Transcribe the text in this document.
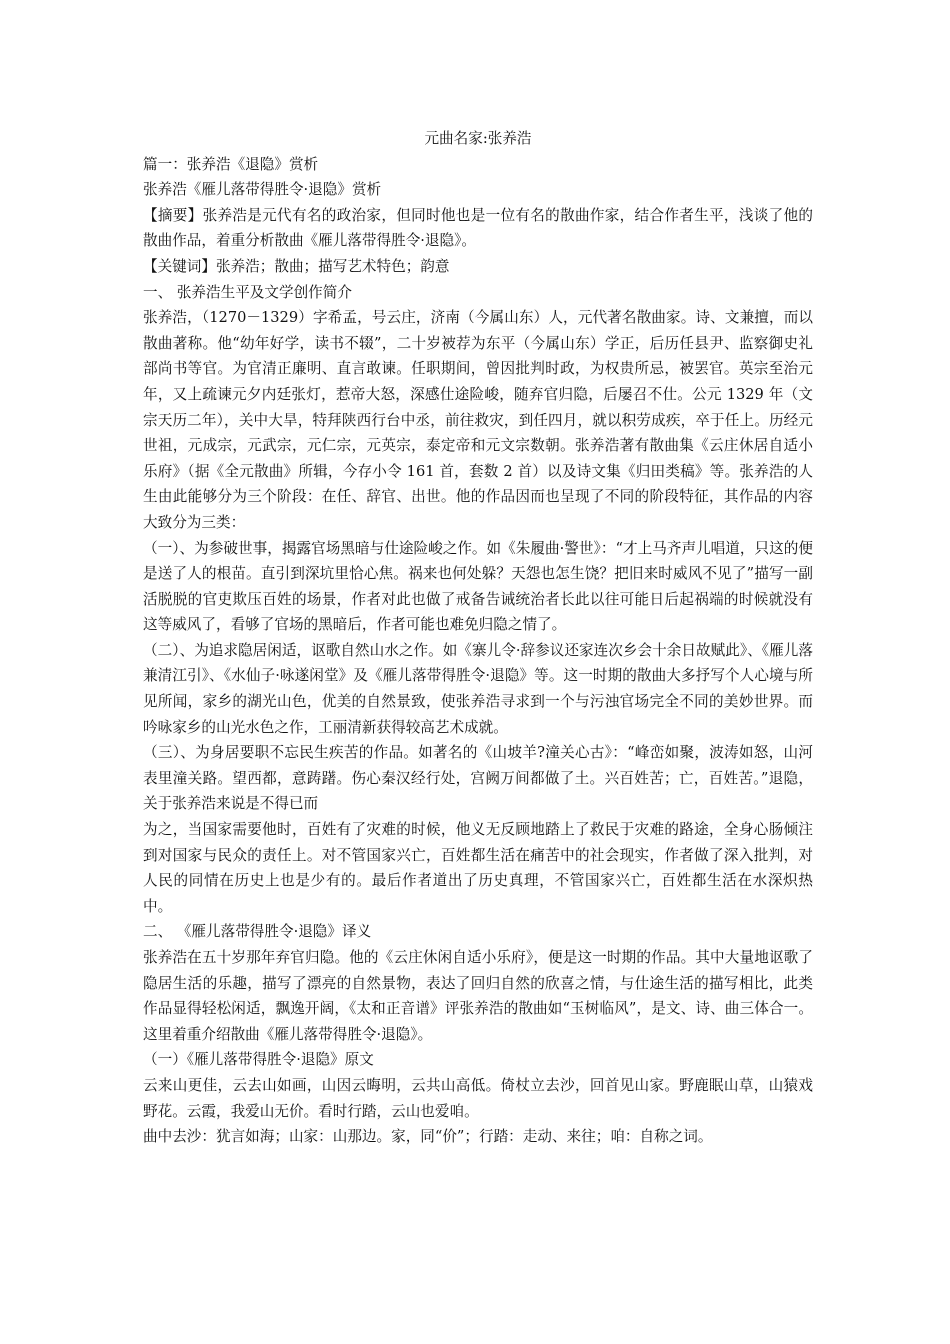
元曲名家:张养浩

篇一：张养浩《退隐》赏析

张养浩《雁儿落带得胜令·退隐》赏析

【摘要】张养浩是元代有名的政治家，但同时他也是一位有名的散曲作家，结合作者生平，浅谈了他的散曲作品，着重分析散曲《雁儿落带得胜令·退隐》。

【关键词】张养浩；散曲；描写艺术特色；韵意

一、 张养浩生平及文学创作简介

张养浩，（1270－1329）字希孟，号云庄，济南（今属山东）人，元代著名散曲家。诗、文兼擅，而以散曲著称。他“幼年好学，读书不辍”，二十岁被荐为东平（今属山东）学正，后历任县尹、监察御史礼部尚书等官。为官清正廉明、直言敢谏。任职期间，曾因批判时政，为权贵所忌，被罢官。英宗至治元年，又上疏谏元夕内廷张灯，惹帝大怒，深感仕途险峻，随弃官归隐，后屡召不仕。公元 1329 年（文宗天历二年），关中大旱，特拜陕西行台中丞，前往救灾，到任四月，就以积劳成疾，卒于任上。历经元世祖，元成宗，元武宗，元仁宗，元英宗，泰定帝和元文宗数朝。张养浩著有散曲集《云庄休居自适小乐府》（据《全元散曲》所辑，今存小令 161 首，套数 2 首）以及诗文集《归田类稿》等。张养浩的人生由此能够分为三个阶段：在任、辞官、出世。他的作品因而也呈现了不同的阶段特征，其作品的内容大致分为三类：

（一）、为参破世事，揭露官场黑暗与仕途险峻之作。如《朱履曲·警世》：“才上马齐声儿唱道，只这的便是送了人的根苗。直引到深坑里恰心焦。祸来也何处躲？天怨也怎生饶？把旧来时威风不见了”描写一副活脱脱的官吏欺压百姓的场景，作者对此也做了戒备告诫统治者长此以往可能日后起祸端的时候就没有这等威风了，看够了官场的黑暗后，作者可能也难免归隐之情了。

（二）、为追求隐居闲适，讴歌自然山水之作。如《寨儿令·辞参议还家连次乡会十余日故赋此》、《雁儿落兼清江引》、《水仙子·咏遂闲堂》及《雁儿落带得胜令·退隐》等。这一时期的散曲大多抒写个人心境与所见所闻，家乡的湖光山色，优美的自然景致，使张养浩寻求到一个与污浊官场完全不同的美妙世界。而吟咏家乡的山光水色之作，工丽清新获得较高艺术成就。

（三）、为身居要职不忘民生疾苦的作品。如著名的《山坡羊?潼关心古》：“峰峦如聚，波涛如怒，山河表里潼关路。望西都，意踌躇。伤心秦汉经行处，宫阙万间都做了土。兴百姓苦；亡，百姓苦。”退隐，关于张养浩来说是不得已而

为之，当国家需要他时，百姓有了灾难的时候，他义无反顾地踏上了救民于灾难的路途，全身心肠倾注到对国家与民众的责任上。对不管国家兴亡，百姓都生活在痛苦中的社会现实，作者做了深入批判，对人民的同情在历史上也是少有的。最后作者道出了历史真理，不管国家兴亡，百姓都生活在水深炽热中。

二、 《雁儿落带得胜令·退隐》译义

张养浩在五十岁那年弃官归隐。他的《云庄休闲自适小乐府》，便是这一时期的作品。其中大量地讴歌了隐居生活的乐趣，描写了漂亮的自然景物，表达了回归自然的欣喜之情，与仕途生活的描写相比，此类作品显得轻松闲适，飘逸开阔，《太和正音谱》评张养浩的散曲如“玉树临风”，是文、诗、曲三体合一。这里着重介绍散曲《雁儿落带得胜令·退隐》。

（一）《雁儿落带得胜令·退隐》原文

云来山更佳，云去山如画，山因云晦明，云共山高低。倚杖立去沙，回首见山家。野鹿眠山草，山猿戏野花。云霞，我爱山无价。看时行踏，云山也爱咱。

曲中去沙：犹言如海；山家：山那边。家，同“价”；行踏：走动、来往；咱：自称之词。
